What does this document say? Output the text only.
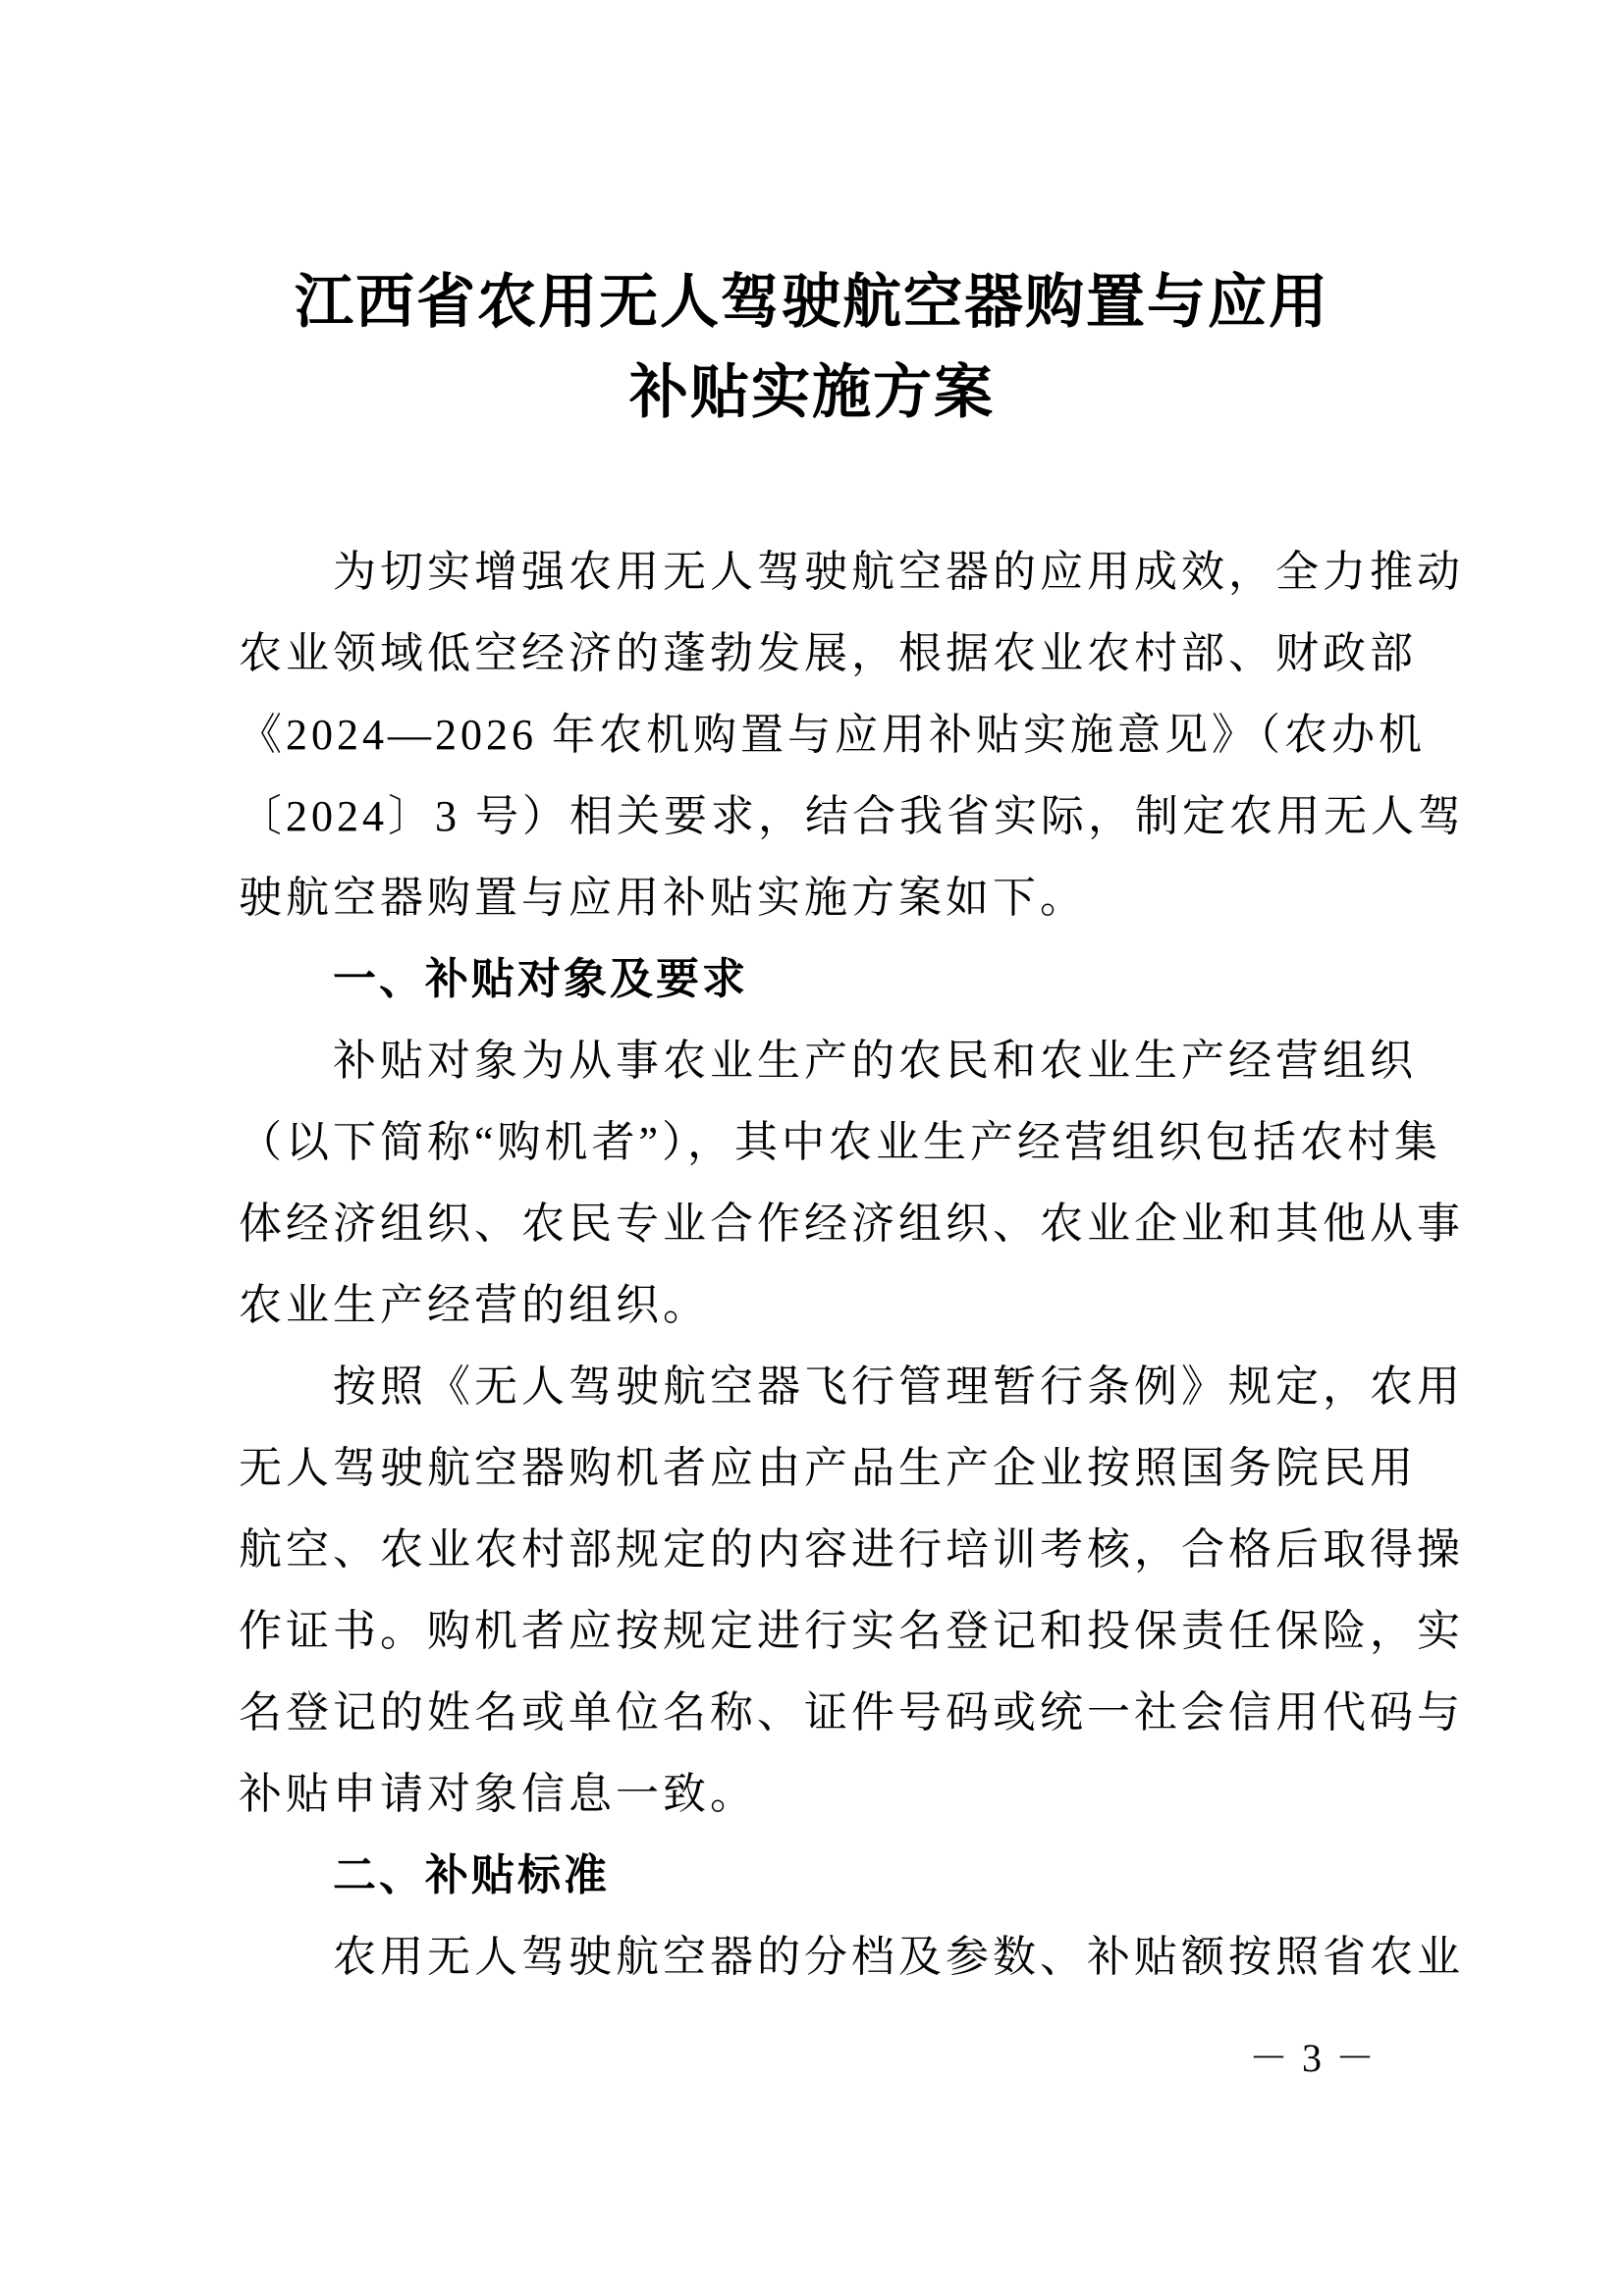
江西省农用无人驾驶航空器购置与应用
补贴实施方案
为切实增强农用无人驾驶航空器的应用成效，全力推动
农业领域低空经济的蓬勃发展，根据农业农村部、财政部
《2024—2026 年农机购置与应用补贴实施意见》（农办机
〔2024〕3 号）相关要求，结合我省实际，制定农用无人驾
驶航空器购置与应用补贴实施方案如下。
一、补贴对象及要求
补贴对象为从事农业生产的农民和农业生产经营组织
（以下简称“购机者”），其中农业生产经营组织包括农村集
体经济组织、农民专业合作经济组织、农业企业和其他从事
农业生产经营的组织。
按照《无人驾驶航空器飞行管理暂行条例》规定，农用
无人驾驶航空器购机者应由产品生产企业按照国务院民用
航空、农业农村部规定的内容进行培训考核，合格后取得操
作证书。购机者应按规定进行实名登记和投保责任保险，实
名登记的姓名或单位名称、证件号码或统一社会信用代码与
补贴申请对象信息一致。
二、补贴标准
农用无人驾驶航空器的分档及参数、补贴额按照省农业
－ 3 －
